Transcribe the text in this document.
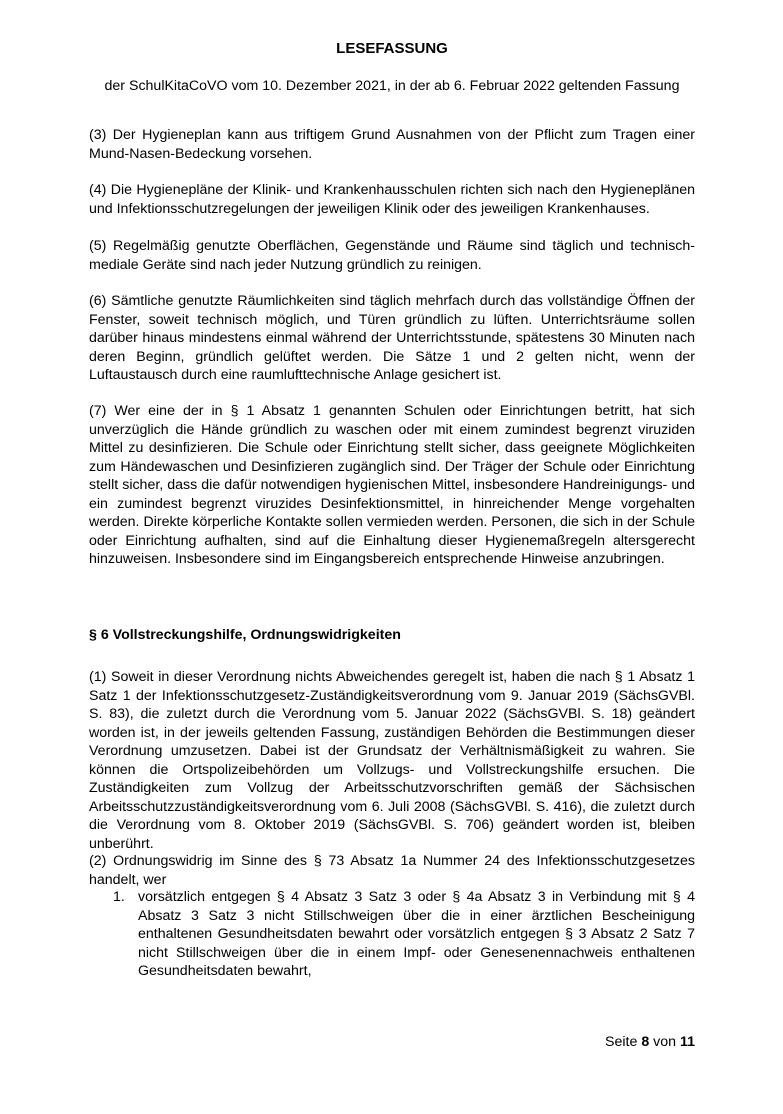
LESEFASSUNG
der SchulKitaCoVO vom 10. Dezember 2021, in der ab 6. Februar 2022 geltenden Fassung
(3) Der Hygieneplan kann aus triftigem Grund Ausnahmen von der Pflicht zum Tragen einer Mund-Nasen-Bedeckung vorsehen.
(4) Die Hygienepläne der Klinik- und Krankenhausschulen richten sich nach den Hygieneplänen und Infektionsschutzregelungen der jeweiligen Klinik oder des jeweiligen Krankenhauses.
(5) Regelmäßig genutzte Oberflächen, Gegenstände und Räume sind täglich und technisch-mediale Geräte sind nach jeder Nutzung gründlich zu reinigen.
(6) Sämtliche genutzte Räumlichkeiten sind täglich mehrfach durch das vollständige Öffnen der Fenster, soweit technisch möglich, und Türen gründlich zu lüften. Unterrichtsräume sollen darüber hinaus mindestens einmal während der Unterrichtsstunde, spätestens 30 Minuten nach deren Beginn, gründlich gelüftet werden. Die Sätze 1 und 2 gelten nicht, wenn der Luftaustausch durch eine raumlufttechnische Anlage gesichert ist.
(7) Wer eine der in § 1 Absatz 1 genannten Schulen oder Einrichtungen betritt, hat sich unverzüglich die Hände gründlich zu waschen oder mit einem zumindest begrenzt viruziden Mittel zu desinfizieren. Die Schule oder Einrichtung stellt sicher, dass geeignete Möglichkeiten zum Händewaschen und Desinfizieren zugänglich sind. Der Träger der Schule oder Einrichtung stellt sicher, dass die dafür notwendigen hygienischen Mittel, insbesondere Handreinigungs- und ein zumindest begrenzt viruzides Desinfektionsmittel, in hinreichender Menge vorgehalten werden. Direkte körperliche Kontakte sollen vermieden werden. Personen, die sich in der Schule oder Einrichtung aufhalten, sind auf die Einhaltung dieser Hygienemaßregeln altersgerecht hinzuweisen. Insbesondere sind im Eingangsbereich entsprechende Hinweise anzubringen.
§ 6 Vollstreckungshilfe, Ordnungswidrigkeiten
(1) Soweit in dieser Verordnung nichts Abweichendes geregelt ist, haben die nach § 1 Absatz 1 Satz 1 der Infektionsschutzgesetz-Zuständigkeitsverordnung vom 9. Januar 2019 (SächsGVBl. S. 83), die zuletzt durch die Verordnung vom 5. Januar 2022 (SächsGVBl. S. 18) geändert worden ist, in der jeweils geltenden Fassung, zuständigen Behörden die Bestimmungen dieser Verordnung umzusetzen. Dabei ist der Grundsatz der Verhältnismäßigkeit zu wahren. Sie können die Ortspolizeibehörden um Vollzugs- und Vollstreckungshilfe ersuchen. Die Zuständigkeiten zum Vollzug der Arbeitsschutzvorschriften gemäß der Sächsischen Arbeitsschutzzuständigkeitsverordnung vom 6. Juli 2008 (SächsGVBl. S. 416), die zuletzt durch die Verordnung vom 8. Oktober 2019 (SächsGVBl. S. 706) geändert worden ist, bleiben unberührt.
(2) Ordnungswidrig im Sinne des § 73 Absatz 1a Nummer 24 des Infektionsschutzgesetzes handelt, wer
1. vorsätzlich entgegen § 4 Absatz 3 Satz 3 oder § 4a Absatz 3 in Verbindung mit § 4 Absatz 3 Satz 3 nicht Stillschweigen über die in einer ärztlichen Bescheinigung enthaltenen Gesundheitsdaten bewahrt oder vorsätzlich entgegen § 3 Absatz 2 Satz 7 nicht Stillschweigen über die in einem Impf- oder Genesenennachweis enthaltenen Gesundheitsdaten bewahrt,
Seite 8 von 11
